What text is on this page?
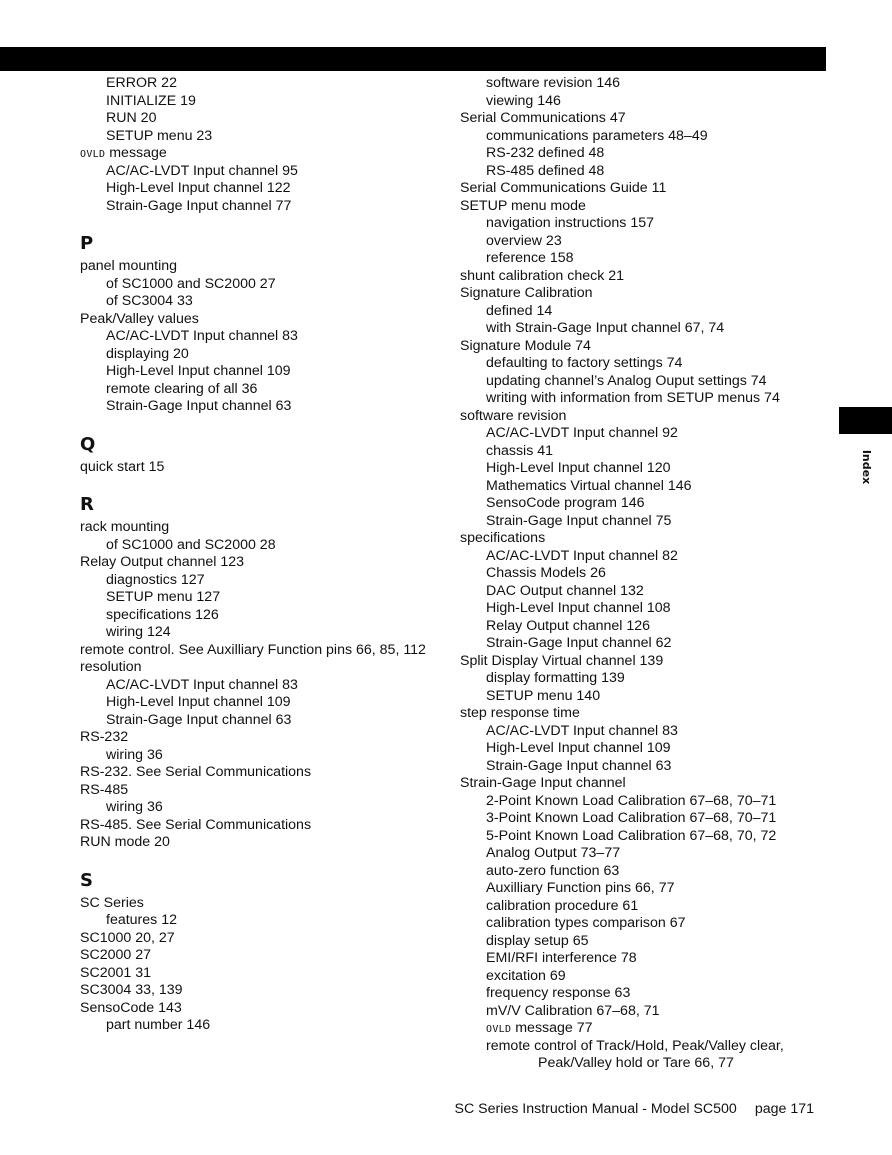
Index
ERROR 22
INITIALIZE 19
RUN 20
SETUP menu 23
OVLD message
AC/AC-LVDT Input channel 95
High-Level Input channel 122
Strain-Gage Input channel 77
P
panel mounting
of SC1000 and SC2000 27
of SC3004 33
Peak/Valley values
AC/AC-LVDT Input channel 83
displaying 20
High-Level Input channel 109
remote clearing of all 36
Strain-Gage Input channel 63
Q
quick start 15
R
rack mounting
of SC1000 and SC2000 28
Relay Output channel 123
diagnostics 127
SETUP menu 127
specifications 126
wiring 124
remote control. See Auxilliary Function pins 66, 85, 112
resolution
AC/AC-LVDT Input channel 83
High-Level Input channel 109
Strain-Gage Input channel 63
RS-232
wiring 36
RS-232. See Serial Communications
RS-485
wiring 36
RS-485. See Serial Communications
RUN mode 20
S
SC Series
features 12
SC1000 20, 27
SC2000 27
SC2001 31
SC3004 33, 139
SensoCode 143
part number 146
software revision 146
viewing 146
Serial Communications 47
communications parameters 48–49
RS-232 defined 48
RS-485 defined 48
Serial Communications Guide 11
SETUP menu mode
navigation instructions 157
overview 23
reference 158
shunt calibration check 21
Signature Calibration
defined 14
with Strain-Gage Input channel 67, 74
Signature Module 74
defaulting to factory settings 74
updating channel’s Analog Ouput settings 74
writing with information from SETUP menus 74
software revision
AC/AC-LVDT Input channel 92
chassis 41
High-Level Input channel 120
Mathematics Virtual channel 146
SensoCode program 146
Strain-Gage Input channel 75
specifications
AC/AC-LVDT Input channel 82
Chassis Models 26
DAC Output channel 132
High-Level Input channel 108
Relay Output channel 126
Strain-Gage Input channel 62
Split Display Virtual channel 139
display formatting 139
SETUP menu 140
step response time
AC/AC-LVDT Input channel 83
High-Level Input channel 109
Strain-Gage Input channel 63
Strain-Gage Input channel
2-Point Known Load Calibration 67–68, 70–71
3-Point Known Load Calibration 67–68, 70–71
5-Point Known Load Calibration 67–68, 70, 72
Analog Output 73–77
auto-zero function 63
Auxilliary Function pins 66, 77
calibration procedure 61
calibration types comparison 67
display setup 65
EMI/RFI interference 78
excitation 69
frequency response 63
mV/V Calibration 67–68, 71
OVLD message 77
remote control of Track/Hold, Peak/Valley clear,
Peak/Valley hold or Tare 66, 77
SC Series Instruction Manual - Model SC500 page 171
